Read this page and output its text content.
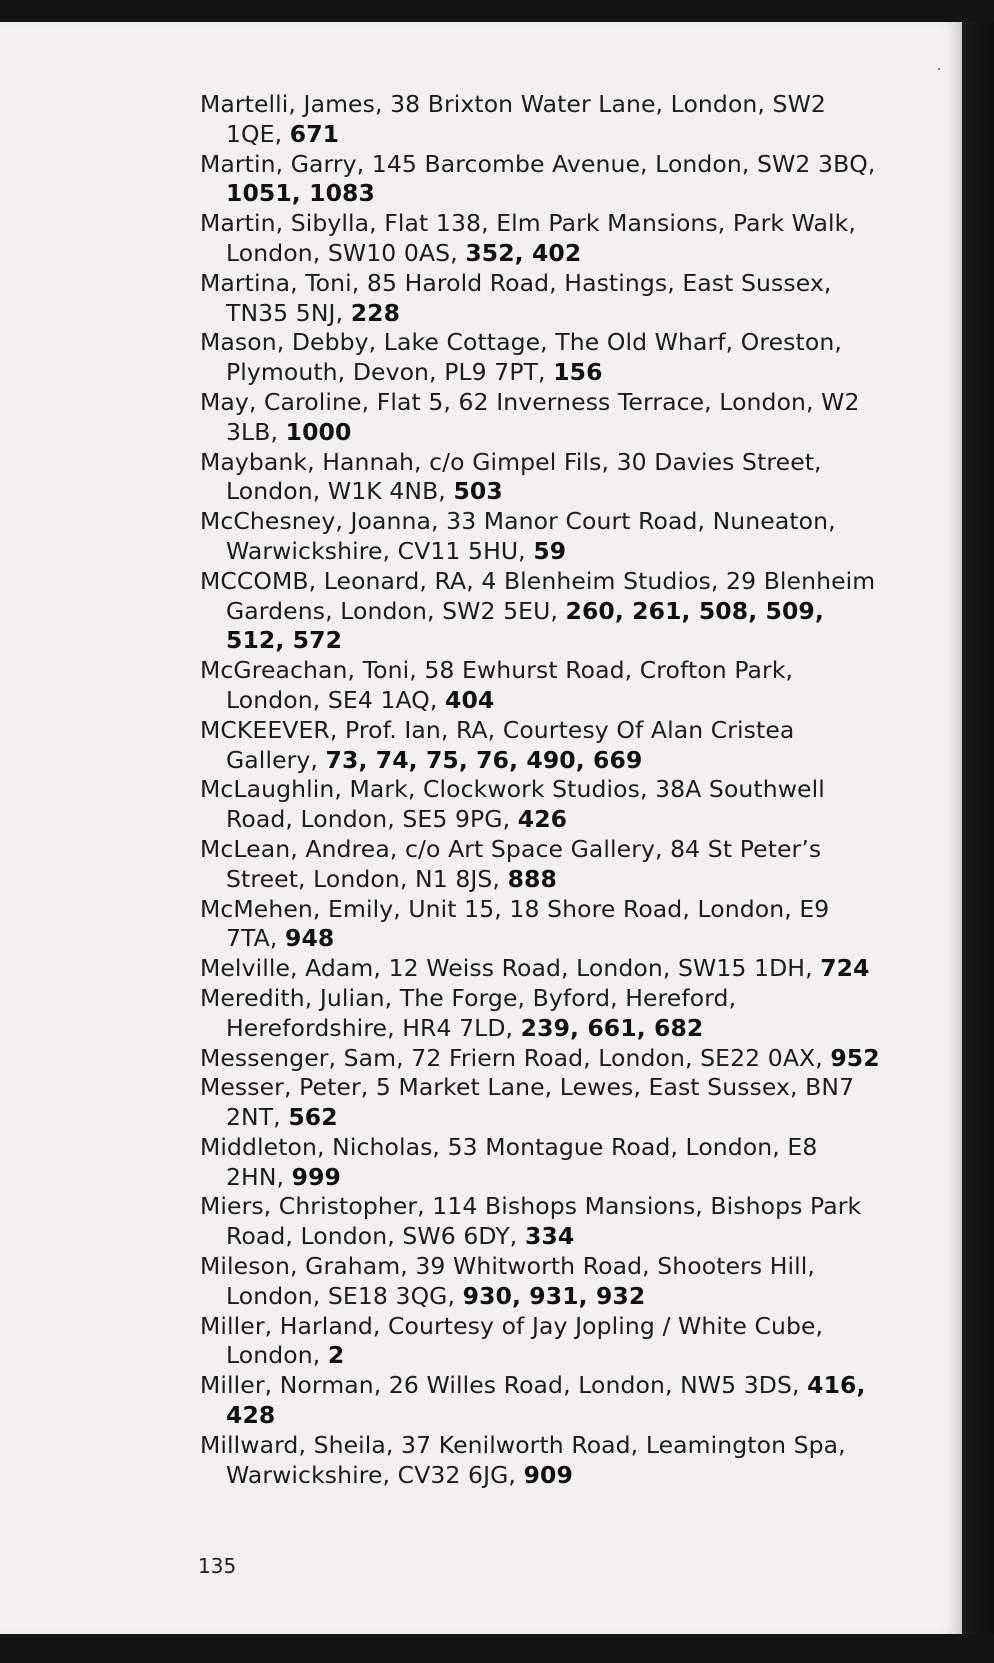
Martelli, James, 38 Brixton Water Lane, London, SW2 1QE, 671
Martin, Garry, 145 Barcombe Avenue, London, SW2 3BQ, 1051, 1083
Martin, Sibylla, Flat 138, Elm Park Mansions, Park Walk, London, SW10 0AS, 352, 402
Martina, Toni, 85 Harold Road, Hastings, East Sussex, TN35 5NJ, 228
Mason, Debby, Lake Cottage, The Old Wharf, Oreston, Plymouth, Devon, PL9 7PT, 156
May, Caroline, Flat 5, 62 Inverness Terrace, London, W2 3LB, 1000
Maybank, Hannah, c/o Gimpel Fils, 30 Davies Street, London, W1K 4NB, 503
McChesney, Joanna, 33 Manor Court Road, Nuneaton, Warwickshire, CV11 5HU, 59
MCCOMB, Leonard, RA, 4 Blenheim Studios, 29 Blenheim Gardens, London, SW2 5EU, 260, 261, 508, 509, 512, 572
McGreachan, Toni, 58 Ewhurst Road, Crofton Park, London, SE4 1AQ, 404
MCKEEVER, Prof. Ian, RA, Courtesy Of Alan Cristea Gallery, 73, 74, 75, 76, 490, 669
McLaughlin, Mark, Clockwork Studios, 38A Southwell Road, London, SE5 9PG, 426
McLean, Andrea, c/o Art Space Gallery, 84 St Peter’s Street, London, N1 8JS, 888
McMehen, Emily, Unit 15, 18 Shore Road, London, E9 7TA, 948
Melville, Adam, 12 Weiss Road, London, SW15 1DH, 724
Meredith, Julian, The Forge, Byford, Hereford, Herefordshire, HR4 7LD, 239, 661, 682
Messenger, Sam, 72 Friern Road, London, SE22 0AX, 952
Messer, Peter, 5 Market Lane, Lewes, East Sussex, BN7 2NT, 562
Middleton, Nicholas, 53 Montague Road, London, E8 2HN, 999
Miers, Christopher, 114 Bishops Mansions, Bishops Park Road, London, SW6 6DY, 334
Mileson, Graham, 39 Whitworth Road, Shooters Hill, London, SE18 3QG, 930, 931, 932
Miller, Harland, Courtesy of Jay Jopling / White Cube, London, 2
Miller, Norman, 26 Willes Road, London, NW5 3DS, 416, 428
Millward, Sheila, 37 Kenilworth Road, Leamington Spa, Warwickshire, CV32 6JG, 909
135
